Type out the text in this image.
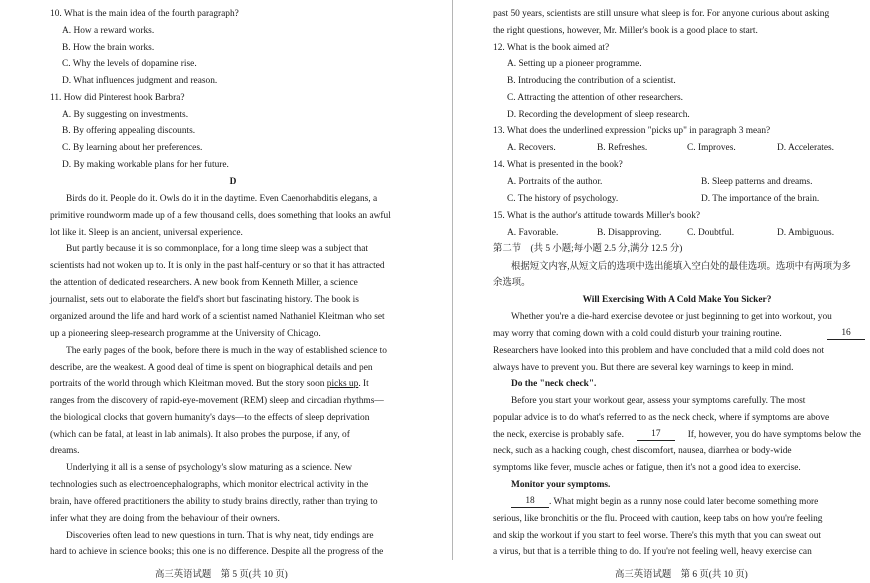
10. What is the main idea of the fourth paragraph?
A. How a reward works.
B. How the brain works.
C. Why the levels of dopamine rise.
D. What influences judgment and reason.
11. How did Pinterest hook Barbra?
A. By suggesting on investments.
B. By offering appealing discounts.
C. By learning about her preferences.
D. By making workable plans for her future.
D
Birds do it. People do it. Owls do it in the daytime. Even Caenorhabditis elegans, a
primitive roundworm made up of a few thousand cells, does something that looks an awful
lot like it. Sleep is an ancient, universal experience.
But partly because it is so commonplace, for a long time sleep was a subject that
scientists had not woken up to. It is only in the past half-century or so that it has attracted
the attention of dedicated researchers. A new book from Kenneth Miller, a science
journalist, sets out to elaborate the field's short but fascinating history. The book is
organized around the life and hard work of a scientist named Nathaniel Kleitman who set
up a pioneering sleep-research programme at the University of Chicago.
The early pages of the book, before there is much in the way of established science to
describe, are the weakest. A good deal of time is spent on biographical details and pen
portraits of the world through which Kleitman moved. But the story soon picks up. It
ranges from the discovery of rapid-eye-movement (REM) sleep and circadian rhythms—
the biological clocks that govern humanity's days—to the effects of sleep deprivation
(which can be fatal, at least in lab animals). It also probes the purpose, if any, of
dreams.
Underlying it all is a sense of psychology's slow maturing as a science. New
technologies such as electroencephalographs, which monitor electrical activity in the
brain, have offered practitioners the ability to study brains directly, rather than trying to
infer what they are doing from the behaviour of their owners.
Discoveries often lead to new questions in turn. That is why neat, tidy endings are
hard to achieve in science books; this one is no difference. Despite all the progress of the
高三英语试题　第 5 页(共 10 页)
past 50 years, scientists are still unsure what sleep is for. For anyone curious about asking
the right questions, however, Mr. Miller's book is a good place to start.
12. What is the book aimed at?
A. Setting up a pioneer programme.
B. Introducing the contribution of a scientist.
C. Attracting the attention of other researchers.
D. Recording the development of sleep research.
13. What does the underlined expression "picks up" in paragraph 3 mean?
A. Recovers.	B. Refreshes.	C. Improves.	D. Accelerates.
14. What is presented in the book?
A. Portraits of the author.	B. Sleep patterns and dreams.
C. The history of psychology.	D. The importance of the brain.
15. What is the author's attitude towards Miller's book?
A. Favorable.	B. Disapproving.	C. Doubtful.	D. Ambiguous.
第二节　(共 5 小题;每小题 2.5 分,满分 12.5 分)
根据短文内容,从短文后的选项中选出能填入空白处的最佳选项。选项中有两项为多
余选项。
Will Exercising With A Cold Make You Sicker?
Whether you're a die-hard exercise devotee or just beginning to get into workout, you
may worry that coming down with a cold could disturb your training routine.	16
Researchers have looked into this problem and have concluded that a mild cold does not
always have to prevent you. But there are several key warnings to keep in mind.
Do the "neck check".
Before you start your workout gear, assess your symptoms carefully. The most
popular advice is to do what's referred to as the neck check, where if symptoms are above
the neck, exercise is probably safe.	17	If, however, you do have symptoms below the
neck, such as a hacking cough, chest discomfort, nausea, diarrhea or body-wide
symptoms like fever, muscle aches or fatigue, then it's not a good idea to exercise.
Monitor your symptoms.
18	. What might begin as a runny nose could later become something more
serious, like bronchitis or the flu. Proceed with caution, keep tabs on how you're feeling
and skip the workout if you start to feel worse. There's this myth that you can sweat out
a virus, but that is a terrible thing to do. If you're not feeling well, heavy exercise can
高三英语试题　第 6 页(共 10 页)
